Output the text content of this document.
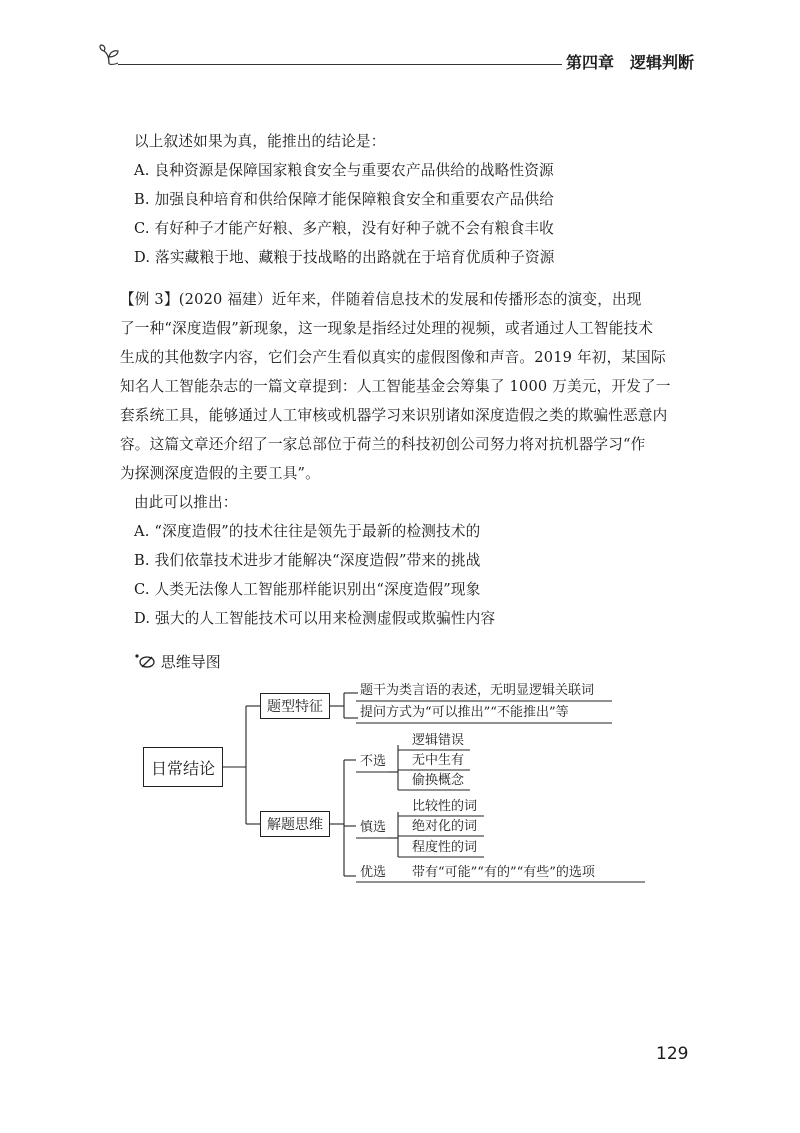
第四章　逻辑判断
以上叙述如果为真，能推出的结论是：
A. 良种资源是保障国家粮食安全与重要农产品供给的战略性资源
B. 加强良种培育和供给保障才能保障粮食安全和重要农产品供给
C. 有好种子才能产好粮、多产粮，没有好种子就不会有粮食丰收
D. 落实藏粮于地、藏粮于技战略的出路就在于培育优质种子资源
【例 3】(2020 福建）近年来，伴随着信息技术的发展和传播形态的演变，出现
了一种“深度造假”新现象，这一现象是指经过处理的视频，或者通过人工智能技术
生成的其他数字内容，它们会产生看似真实的虚假图像和声音。2019 年初，某国际
知名人工智能杂志的一篇文章提到：人工智能基金会筹集了 1000 万美元，开发了一
套系统工具，能够通过人工审核或机器学习来识别诸如深度造假之类的欺骗性恶意内
容。这篇文章还介绍了一家总部位于荷兰的科技初创公司努力将对抗机器学习“作
为探测深度造假的主要工具”。
由此可以推出：
A. “深度造假”的技术往往是领先于最新的检测技术的
B. 我们依靠技术进步才能解决“深度造假”带来的挑战
C. 人类无法像人工智能那样能识别出“深度造假”现象
D. 强大的人工智能技术可以用来检测虚假或欺骗性内容
思维导图
日常结论
题型特征
解题思维
题干为类言语的表述，无明显逻辑关联词
提问方式为“可以推出”“不能推出”等
不选
逻辑错误
无中生有
偷换概念
慎选
比较性的词
绝对化的词
程度性的词
优选 带有“可能”“有的”“有些”的选项
129
